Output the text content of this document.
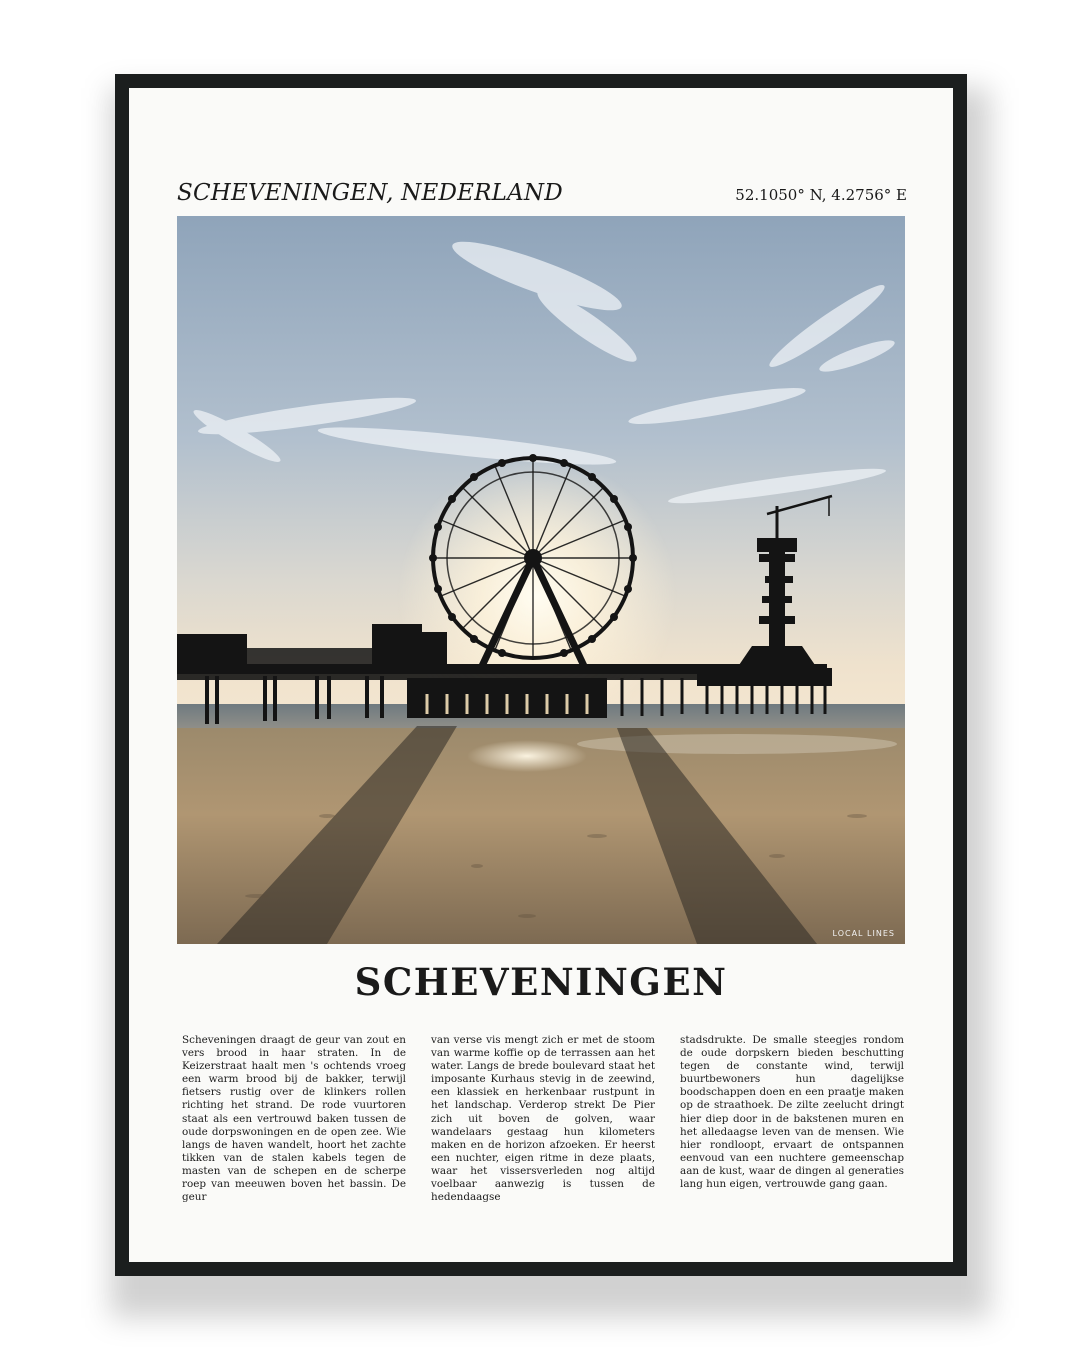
SCHEVENINGEN, NEDERLAND	52.1050° N, 4.2756° E
LOCAL LINES
SCHEVENINGEN
Scheveningen draagt de geur van zout en vers brood in haar straten. In de Keizerstraat haalt men 's ochtends vroeg een warm brood bij de bakker, terwijl fietsers rustig over de klinkers rollen richting het strand. De rode vuurtoren staat als een vertrouwd baken tussen de oude dorpswoningen en de open zee. Wie langs de haven wandelt, hoort het zachte tikken van de stalen kabels tegen de masten van de schepen en de scherpe roep van meeuwen boven het bassin. De geur
van verse vis mengt zich er met de stoom van warme koffie op de terrassen aan het water. Langs de brede boulevard staat het imposante Kurhaus stevig in de zeewind, een klassiek en herkenbaar rustpunt in het landschap. Verderop strekt De Pier zich uit boven de golven, waar wandelaars gestaag hun kilometers maken en de horizon afzoeken. Er heerst een nuchter, eigen ritme in deze plaats, waar het vissersverleden nog altijd voelbaar aanwezig is tussen de hedendaagse
stadsdrukte. De smalle steegjes rondom de oude dorpskern bieden beschutting tegen de constante wind, terwijl buurtbewoners hun dagelijkse boodschappen doen en een praatje maken op de straathoek. De zilte zeelucht dringt hier diep door in de bakstenen muren en het alledaagse leven van de mensen. Wie hier rondloopt, ervaart de ontspannen eenvoud van een nuchtere gemeenschap aan de kust, waar de dingen al generaties lang hun eigen, vertrouwde gang gaan.
